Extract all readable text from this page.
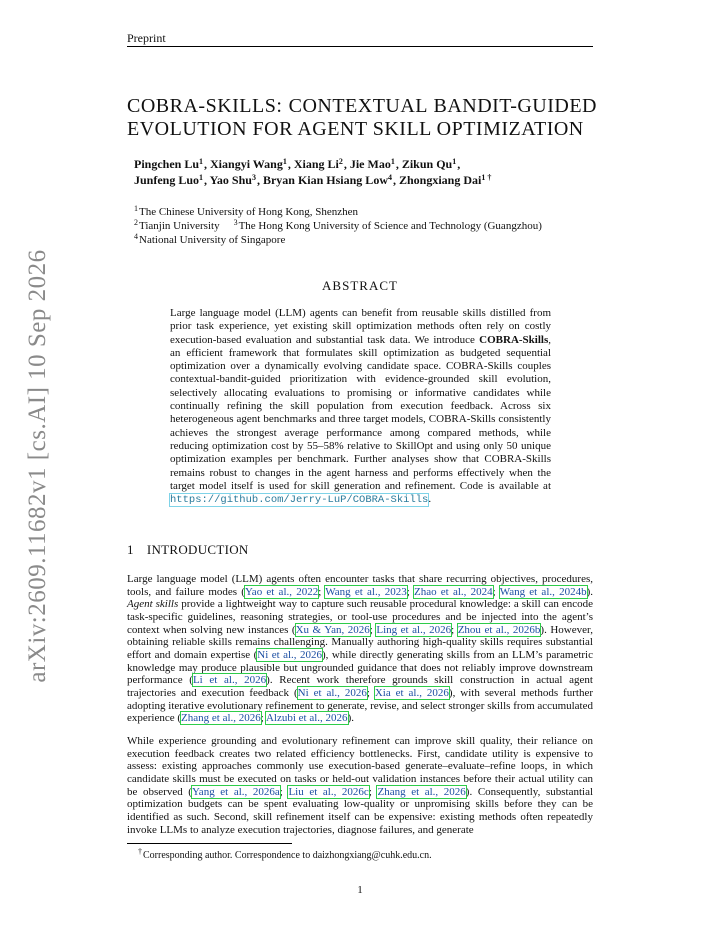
Preprint
arXiv:2609.11682v1 [cs.AI] 10 Sep 2026
COBRA-SKILLS: CONTEXTUAL BANDIT-GUIDED
EVOLUTION FOR AGENT SKILL OPTIMIZATION
Pingchen Lu$^1$, Xiangyi Wang$^1$, Xiang Li$^2$, Jie Mao$^1$, Zikun Qu$^1$,
Junfeng Luo$^1$, Yao Shu$^3$, Bryan Kian Hsiang Low$^4$, Zhongxiang Dai$^{1 \dagger}$
$^1$The Chinese University of Hong Kong, Shenzhen
$^2$Tianjin University $^3$The Hong Kong University of Science and Technology (Guangzhou)
$^4$National University of Singapore
ABSTRACT
Large language model (LLM) agents can benefit from reusable skills distilled from prior task experience, yet existing skill optimization methods often rely on costly execution-based evaluation and substantial task data. We introduce COBRA-Skills, an efficient framework that formulates skill optimization as budgeted sequential optimization over a dynamically evolving candidate space. COBRA-Skills couples contextual-bandit-guided prioritization with evidence-grounded skill evolution, selectively allocating evaluations to promising or informative candidates while continually refining the skill population from execution feedback. Across six heterogeneous agent benchmarks and three target models, COBRA-Skills consistently achieves the strongest average performance among compared methods, while reducing optimization cost by 55–58% relative to SkillOpt and using only 50 unique optimization examples per benchmark. Further analyses show that COBRA-Skills remains robust to changes in the agent harness and performs effectively when the target model itself is used for skill generation and refinement. Code is available at https://github.com/Jerry-LuP/COBRA-Skills.
1 INTRODUCTION
Large language model (LLM) agents often encounter tasks that share recurring objectives, procedures, tools, and failure modes (Yao et al., 2022; Wang et al., 2023; Zhao et al., 2024; Wang et al., 2024b). Agent skills provide a lightweight way to capture such reusable procedural knowledge: a skill can encode task-specific guidelines, reasoning strategies, or tool-use procedures and be injected into the agent’s context when solving new instances (Xu & Yan, 2026; Ling et al., 2026; Zhou et al., 2026b). However, obtaining reliable skills remains challenging. Manually authoring high-quality skills requires substantial effort and domain expertise (Ni et al., 2026), while directly generating skills from an LLM’s parametric knowledge may produce plausible but ungrounded guidance that does not reliably improve downstream performance (Li et al., 2026). Recent work therefore grounds skill construction in actual agent trajectories and execution feedback (Ni et al., 2026; Xia et al., 2026), with several methods further adopting iterative evolutionary refinement to generate, revise, and select stronger skills from accumulated experience (Zhang et al., 2026; Alzubi et al., 2026).
While experience grounding and evolutionary refinement can improve skill quality, their reliance on execution feedback creates two related efficiency bottlenecks. First, candidate utility is expensive to assess: existing approaches commonly use execution-based generate–evaluate–refine loops, in which candidate skills must be executed on tasks or held-out validation instances before their actual utility can be observed (Yang et al., 2026a; Liu et al., 2026c; Zhang et al., 2026). Consequently, substantial optimization budgets can be spent evaluating low-quality or unpromising skills before they can be identified as such. Second, skill refinement itself can be expensive: existing methods often repeatedly invoke LLMs to analyze execution trajectories, diagnose failures, and generate
†Corresponding author. Correspondence to daizhongxiang@cuhk.edu.cn.
1
